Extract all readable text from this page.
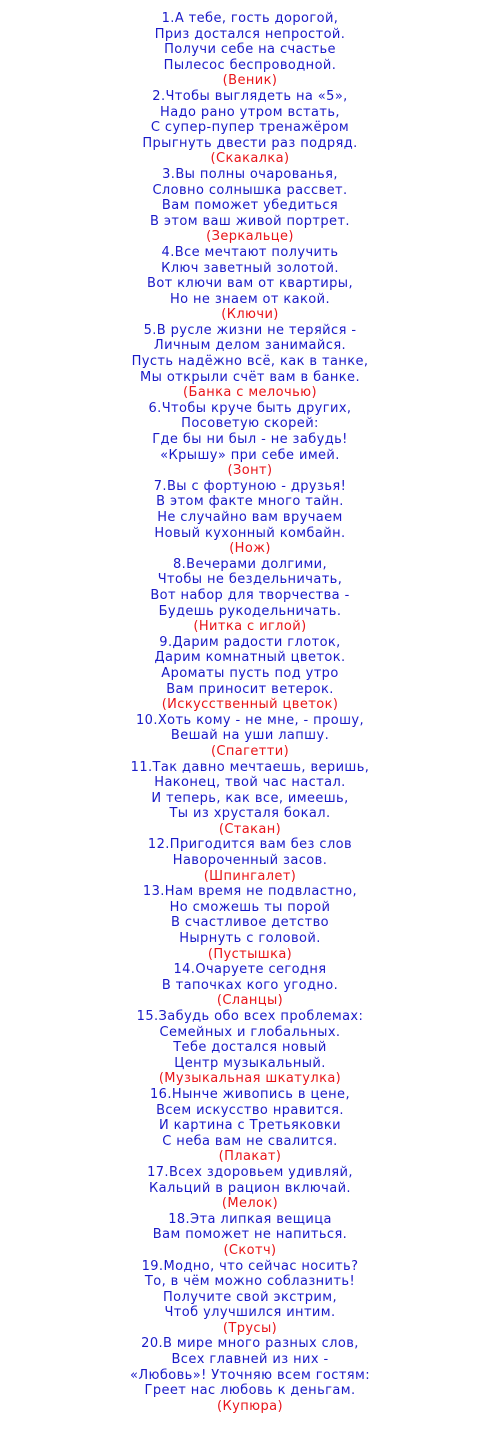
1.А тебе, гость дорогой,
Приз достался непростой.
Получи себе на счастье
Пылесос беспроводной.
(Веник)
2.Чтобы выглядеть на «5»,
Надо рано утром встать,
С супер-пупер тренажёром
Прыгнуть двести раз подряд.
(Скакалка)
3.Вы полны очарованья,
Словно солнышка рассвет.
Вам поможет убедиться
В этом ваш живой портрет.
(Зеркальце)
4.Все мечтают получить
Ключ заветный золотой.
Вот ключи вам от квартиры,
Но не знаем от какой.
(Ключи)
5.В русле жизни не теряйся -
Личным делом занимайся.
Пусть надёжно всё, как в танке,
Мы открыли счёт вам в банке.
(Банка с мелочью)
6.Чтобы круче быть других,
Посоветую скорей:
Где бы ни был - не забудь!
«Крышу» при себе имей.
(Зонт)
7.Вы с фортуною - друзья!
В этом факте много тайн.
Не случайно вам вручаем
Новый кухонный комбайн.
(Нож)
8.Вечерами долгими,
Чтобы не бездельничать,
Вот набор для творчества -
Будешь рукодельничать.
(Нитка с иглой)
9.Дарим радости глоток,
Дарим комнатный цветок.
Ароматы пусть под утро
Вам приносит ветерок.
(Искусственный цветок)
10.Хоть кому - не мне, - прошу,
Вешай на уши лапшу.
(Спагетти)
11.Так давно мечтаешь, веришь,
Наконец, твой час настал.
И теперь, как все, имеешь,
Ты из хрусталя бокал.
(Стакан)
12.Пригодится вам без слов
Навороченный засов.
(Шпингалет)
13.Нам время не подвластно,
Но сможешь ты порой
В счастливое детство
Нырнуть с головой.
(Пустышка)
14.Очаруете сегодня
В тапочках кого угодно.
(Сланцы)
15.Забудь обо всех проблемах:
Семейных и глобальных.
Тебе достался новый
Центр музыкальный.
(Музыкальная шкатулка)
16.Нынче живопись в цене,
Всем искусство нравится.
И картина с Третьяковки
С неба вам не свалится.
(Плакат)
17.Всех здоровьем удивляй,
Кальций в рацион включай.
(Мелок)
18.Эта липкая вещица
Вам поможет не напиться.
(Скотч)
19.Модно, что сейчас носить?
То, в чём можно соблазнить!
Получите свой экстрим,
Чтоб улучшился интим.
(Трусы)
20.В мире много разных слов,
Всех главней из них -
«Любовь»! Уточняю всем гостям:
Греет нас любовь к деньгам.
(Купюра)
